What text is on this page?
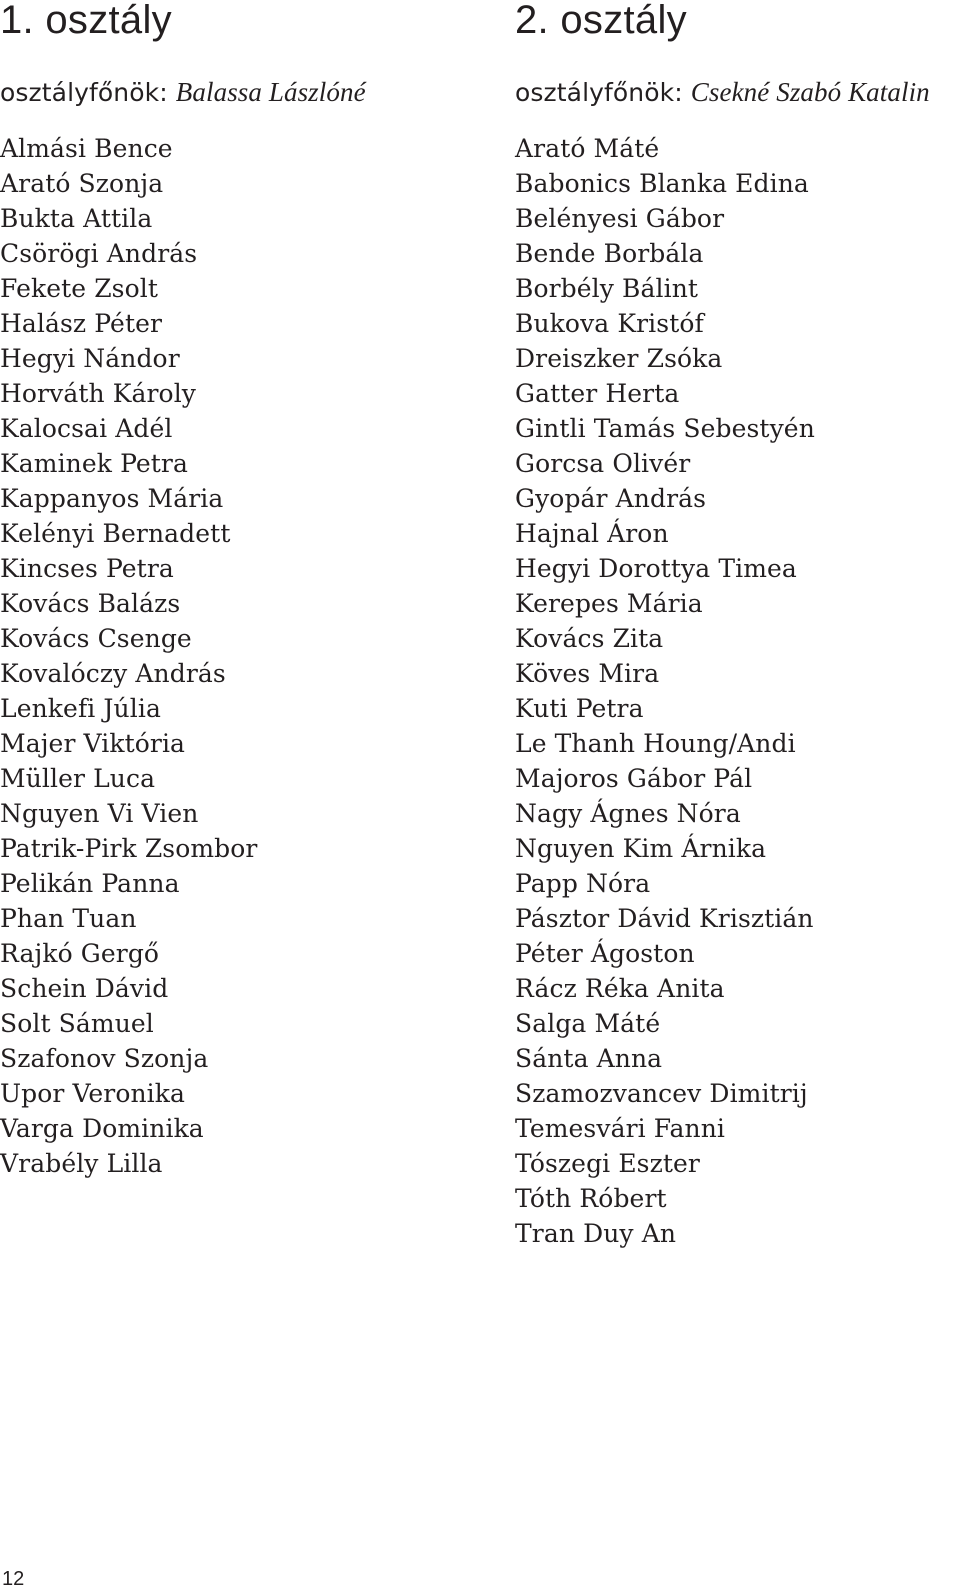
1. osztály
osztályfőnök: Balassa Lászlóné
Almási Bence
Arató Szonja
Bukta Attila
Csörögi András
Fekete Zsolt
Halász Péter
Hegyi Nándor
Horváth Károly
Kalocsai Adél
Kaminek Petra
Kappanyos Mária
Kelényi Bernadett
Kincses Petra
Kovács Balázs
Kovács Csenge
Kovalóczy András
Lenkefi Júlia
Majer Viktória
Müller Luca
Nguyen Vi Vien
Patrik-Pirk Zsombor
Pelikán Panna
Phan Tuan
Rajkó Gergő
Schein Dávid
Solt Sámuel
Szafonov Szonja
Upor Veronika
Varga Dominika
Vrabély Lilla
2. osztály
osztályfőnök: Csekné Szabó Katalin
Arató Máté
Babonics Blanka Edina
Belényesi Gábor
Bende Borbála
Borbély Bálint
Bukova Kristóf
Dreiszker Zsóka
Gatter Herta
Gintli Tamás Sebestyén
Gorcsa Olivér
Gyopár András
Hajnal Áron
Hegyi Dorottya Timea
Kerepes Mária
Kovács Zita
Köves Mira
Kuti Petra
Le Thanh Houng/Andi
Majoros Gábor Pál
Nagy Ágnes Nóra
Nguyen Kim Árnika
Papp Nóra
Pásztor Dávid Krisztián
Péter Ágoston
Rácz Réka Anita
Salga Máté
Sánta Anna
Szamozvancev Dimitrij
Temesvári Fanni
Tószegi Eszter
Tóth Róbert
Tran Duy An
12
